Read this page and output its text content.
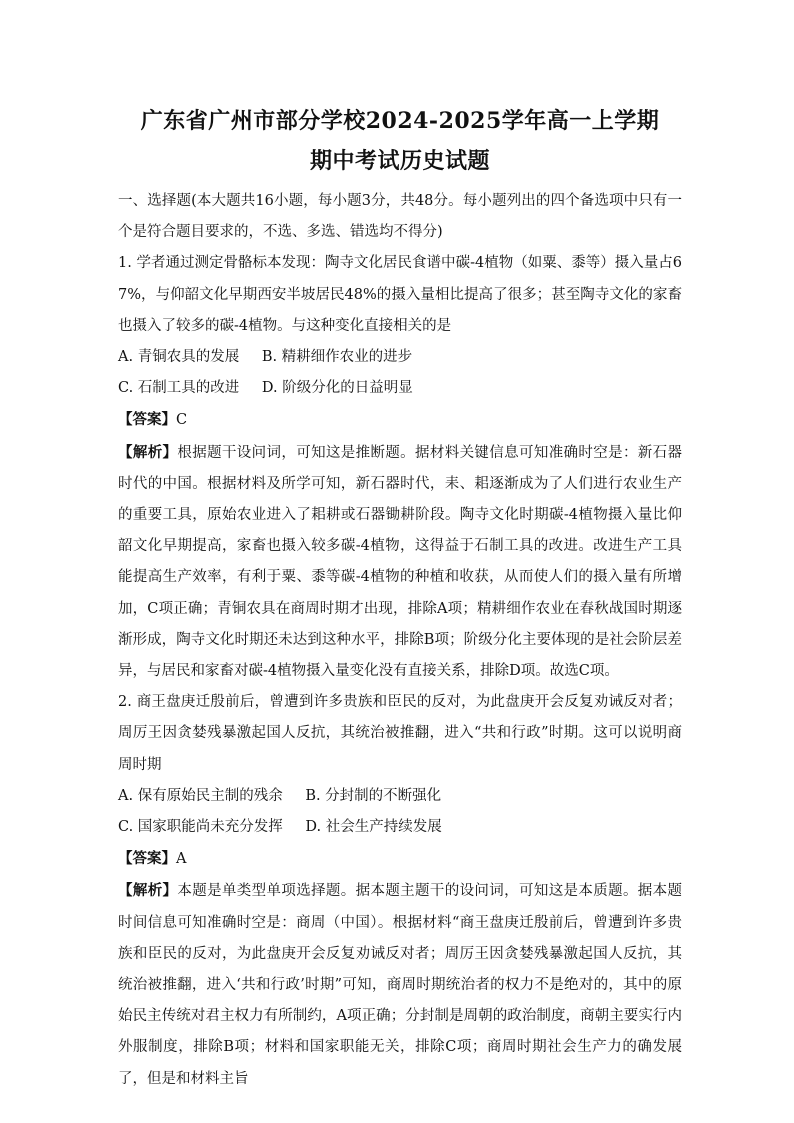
广东省广州市部分学校2024-2025学年高一上学期
期中考试历史试题

一、选择题(本大题共16小题，每小题3分，共48分。每小题列出的四个备选项中只有一个是符合题目要求的，不选、多选、错选均不得分)

1. 学者通过测定骨骼标本发现：陶寺文化居民食谱中碳-4植物（如粟、黍等）摄入量占67%，与仰韶文化早期西安半坡居民48%的摄入量相比提高了很多；甚至陶寺文化的家畜也摄入了较多的碳-4植物。与这种变化直接相关的是

A. 青铜农具的发展 B. 精耕细作农业的进步

C. 石制工具的改进 D. 阶级分化的日益明显

【答案】C

【解析】根据题干设问词，可知这是推断题。据材料关键信息可知准确时空是：新石器时代的中国。根据材料及所学可知，新石器时代，耒、耜逐渐成为了人们进行农业生产的重要工具，原始农业进入了耜耕或石器锄耕阶段。陶寺文化时期碳-4植物摄入量比仰韶文化早期提高，家畜也摄入较多碳-4植物，这得益于石制工具的改进。改进生产工具能提高生产效率，有利于粟、黍等碳-4植物的种植和收获，从而使人们的摄入量有所增加，C项正确；青铜农具在商周时期才出现，排除A项；精耕细作农业在春秋战国时期逐渐形成，陶寺文化时期还未达到这种水平，排除B项；阶级分化主要体现的是社会阶层差异，与居民和家畜对碳-4植物摄入量变化没有直接关系，排除D项。故选C项。

2. 商王盘庚迁殷前后，曾遭到许多贵族和臣民的反对，为此盘庚开会反复劝诫反对者；周厉王因贪婪残暴激起国人反抗，其统治被推翻，进入“共和行政”时期。这可以说明商周时期

A. 保有原始民主制的残余 B. 分封制的不断强化

C. 国家职能尚未充分发挥 D. 社会生产持续发展

【答案】A

【解析】本题是单类型单项选择题。据本题主题干的设问词，可知这是本质题。据本题时间信息可知准确时空是：商周（中国）。根据材料“商王盘庚迁殷前后，曾遭到许多贵族和臣民的反对，为此盘庚开会反复劝诫反对者；周厉王因贪婪残暴激起国人反抗，其统治被推翻，进入‘共和行政’时期”可知，商周时期统治者的权力不是绝对的，其中的原始民主传统对君主权力有所制约，A项正确；分封制是周朝的政治制度，商朝主要实行内外服制度，排除B项；材料和国家职能无关，排除C项；商周时期社会生产力的确发展了，但是和材料主旨
